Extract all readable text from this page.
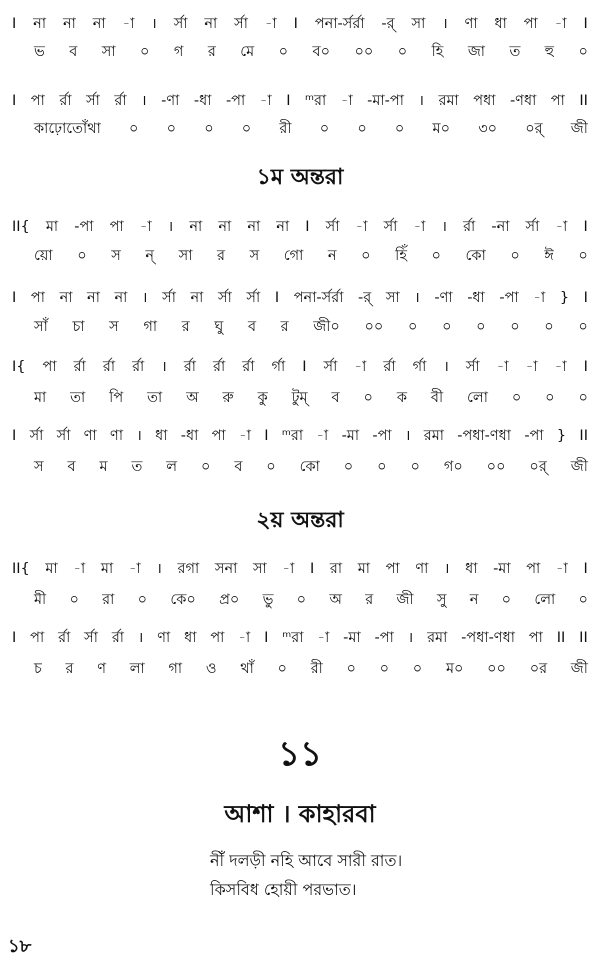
I না না না -া । র্সা না র্সা -া I পনা-র্সর্রা -র্ সা । ণা ধা পা -া I
ভ ব সা ০ গ র মে ০ ব০ ০০ ০ হি জা ত হু ০
I পা র্রা র্সা র্রা । -ণা -ধা -পা -া I ᵐরা -া -মা-পা । রমা পধা -ণধা পা II
কাঢ়োতোঁথা ০ ০ ০ ০ রী ০ ০ ০ ম০ ৩০ ০র্ জী
১ম অন্তরা
II{ মা -পা পা -া । না না না না I র্সা -া র্সা -া । র্রা -না র্সা -া I
য়ো ০ স ন্ সা র স গো ন ০ হিঁ ০ কো ০ ঈ ০
I পা না না না । র্সা না র্সা র্সা I পনা-র্সর্রা -র্ সা । -ণা -ধা -পা -া } I
সাঁ চা স গা র ঘু ব র জী০ ০০ ০ ০ ০ ০ ০ ০
I{ পা র্রা র্রা র্রা । র্রা র্রা র্রা র্গা I র্সা -া র্রা র্গা । র্সা -া -া -া I
মা তা পি তা অ রু কু টুম্ ব ০ ক বী লো ০ ০ ০
I র্সা র্সা ণা ণা । ধা -ধা পা -া I ᵐরা -া -মা -পা । রমা -পধা-ণধা -পা } II
স ব ম ত ল ০ ব ০ কো ০ ০ ০ গ০ ০০ ০র্ জী
২য় অন্তরা
II{ মা -া মা -া । রগা সনা সা -া I রা মা পা ণা । ধা -মা পা -া I
মী ০ রা ০ কে০ প্র০ ভু ০ অ র জী সু ন ০ লো ০
I পা র্রা র্সা র্রা । ণা ধা পা -া I ᵐরা -া -মা -পা । রমা -পধা-ণধা পা II II
চ র ণ লা গা ও থাঁ ০ রী ০ ০ ০ ম০ ০০ ০র জী
১১
আশা । কাহারবা
নীঁ দলড়ী নহি আবে সারী রাত।
কিসবিধ হোয়ী পরভাত।
১৮
